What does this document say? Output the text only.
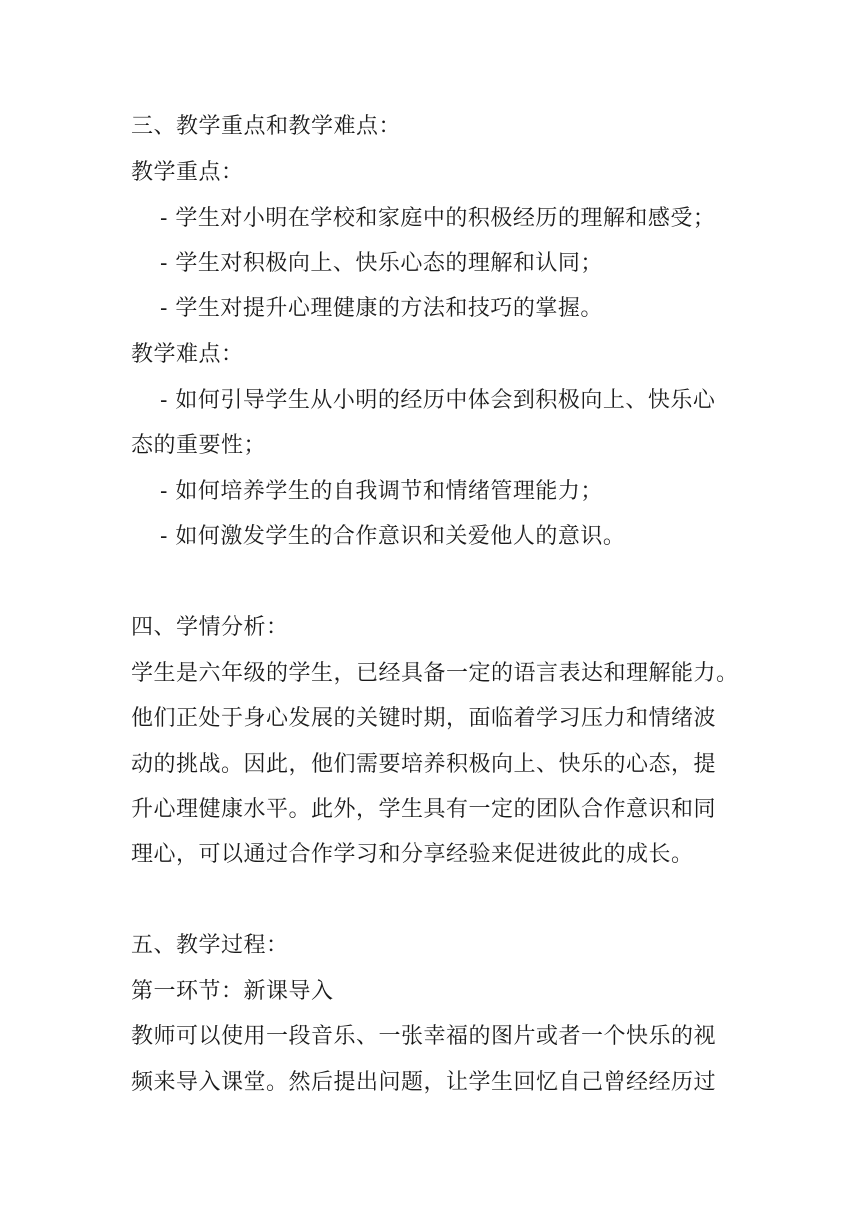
三、教学重点和教学难点：
教学重点：
- 学生对小明在学校和家庭中的积极经历的理解和感受；
- 学生对积极向上、快乐心态的理解和认同；
- 学生对提升心理健康的方法和技巧的掌握。
教学难点：
- 如何引导学生从小明的经历中体会到积极向上、快乐心
态的重要性；
- 如何培养学生的自我调节和情绪管理能力；
- 如何激发学生的合作意识和关爱他人的意识。
四、学情分析：
学生是六年级的学生，已经具备一定的语言表达和理解能力。
他们正处于身心发展的关键时期，面临着学习压力和情绪波
动的挑战。因此，他们需要培养积极向上、快乐的心态，提
升心理健康水平。此外，学生具有一定的团队合作意识和同
理心，可以通过合作学习和分享经验来促进彼此的成长。
五、教学过程：
第一环节：新课导入
教师可以使用一段音乐、一张幸福的图片或者一个快乐的视
频来导入课堂。然后提出问题，让学生回忆自己曾经经历过
